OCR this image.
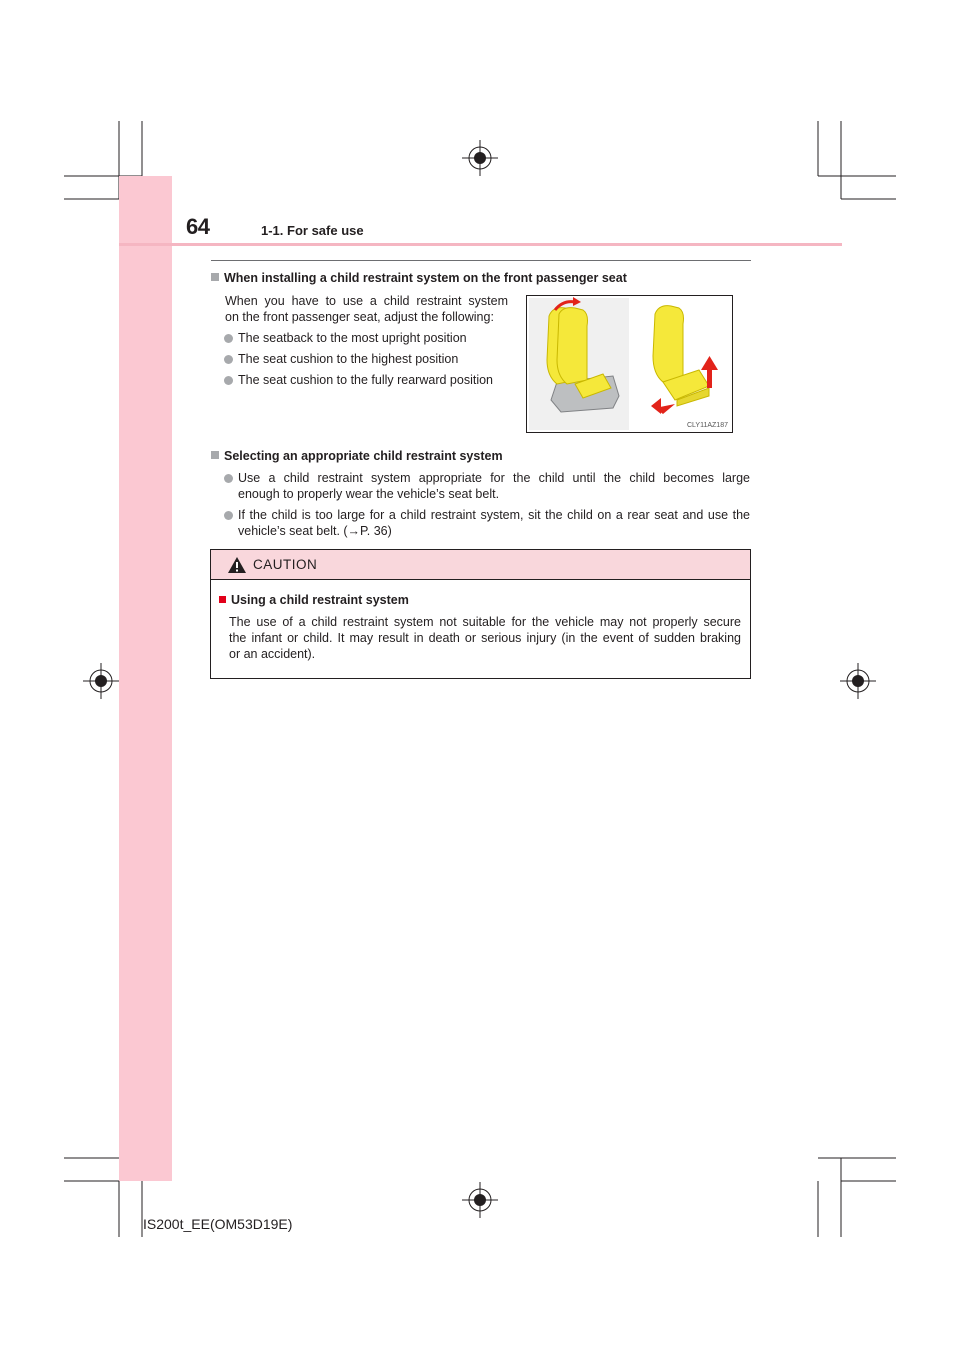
64	1-1. For safe use
When installing a child restraint system on the front passenger seat
When you have to use a child restraint system
on the front passenger seat, adjust the following:
The seatback to the most upright position
The seat cushion to the highest position
The seat cushion to the fully rearward position
CLY11AZ187
Selecting an appropriate child restraint system
Use a child restraint system appropriate for the child until the child becomes large
enough to properly wear the vehicle’s seat belt.
If the child is too large for a child restraint system, sit the child on a rear seat and use the
vehicle’s seat belt. (→P. 36)
CAUTION
Using a child restraint system
The use of a child restraint system not suitable for the vehicle may not properly secure
the infant or child. It may result in death or serious injury (in the event of sudden braking
or an accident).
IS200t_EE(OM53D19E)
